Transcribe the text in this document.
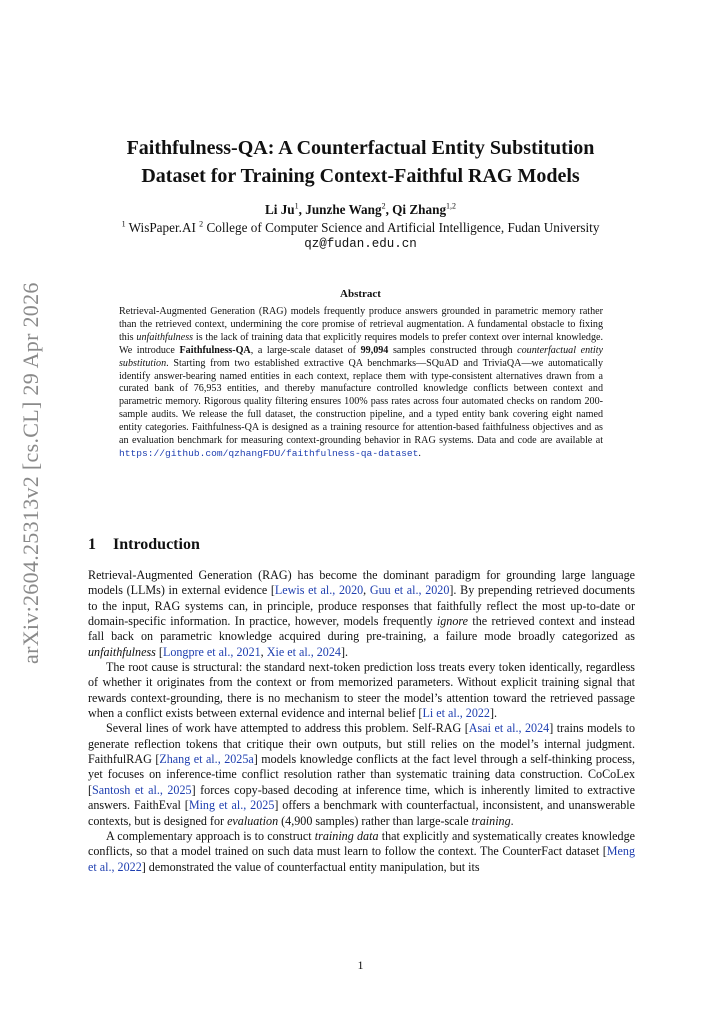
arXiv:2604.25313v2 [cs.CL] 29 Apr 2026
Faithfulness-QA: A Counterfactual Entity Substitution
Dataset for Training Context-Faithful RAG Models
Li Ju$^1$, Junzhe Wang$^2$, Qi Zhang$^{1,2}$
$^1$ WisPaper.AI $^2$ College of Computer Science and Artificial Intelligence, Fudan University
qz@fudan.edu.cn
Abstract
Retrieval-Augmented Generation (RAG) models frequently produce answers grounded in parametric memory rather than the retrieved context, undermining the core promise of retrieval augmentation. A fundamental obstacle to fixing this unfaithfulness is the lack of training data that explicitly requires models to prefer context over internal knowledge. We introduce Faithfulness-QA, a large-scale dataset of 99,094 samples constructed through counterfactual entity substitution. Starting from two established extractive QA benchmarks—SQuAD and TriviaQA—we automatically identify answer-bearing named entities in each context, replace them with type-consistent alternatives drawn from a curated bank of 76,953 entities, and thereby manufacture controlled knowledge conflicts between context and parametric memory. Rigorous quality filtering ensures 100% pass rates across four automated checks on random 200-sample audits. We release the full dataset, the construction pipeline, and a typed entity bank covering eight named entity categories. Faithfulness-QA is designed as a training resource for attention-based faithfulness objectives and as an evaluation benchmark for measuring context-grounding behavior in RAG systems. Data and code are available at https://github.com/qzhangFDU/faithfulness-qa-dataset.
1 Introduction

Retrieval-Augmented Generation (RAG) has become the dominant paradigm for grounding large language models (LLMs) in external evidence [Lewis et al., 2020, Guu et al., 2020]. By prepending retrieved documents to the input, RAG systems can, in principle, produce responses that faithfully reflect the most up-to-date or domain-specific information. In practice, however, models frequently ignore the retrieved context and instead fall back on parametric knowledge acquired during pre-training, a failure mode broadly categorized as unfaithfulness [Longpre et al., 2021, Xie et al., 2024].

The root cause is structural: the standard next-token prediction loss treats every token identically, regardless of whether it originates from the context or from memorized parameters. Without explicit training signal that rewards context-grounding, there is no mechanism to steer the model’s attention toward the retrieved passage when a conflict exists between external evidence and internal belief [Li et al., 2022].

Several lines of work have attempted to address this problem. Self-RAG [Asai et al., 2024] trains models to generate reflection tokens that critique their own outputs, but still relies on the model’s internal judgment. FaithfulRAG [Zhang et al., 2025a] models knowledge conflicts at the fact level through a self-thinking process, yet focuses on inference-time conflict resolution rather than systematic training data construction. CoCoLex [Santosh et al., 2025] forces copy-based decoding at inference time, which is inherently limited to extractive answers. FaithEval [Ming et al., 2025] offers a benchmark with counterfactual, inconsistent, and unanswerable contexts, but is designed for evaluation (4,900 samples) rather than large-scale training.

A complementary approach is to construct training data that explicitly and systematically creates knowledge conflicts, so that a model trained on such data must learn to follow the context. The CounterFact dataset [Meng et al., 2022] demonstrated the value of counterfactual entity manipulation, but its

1
